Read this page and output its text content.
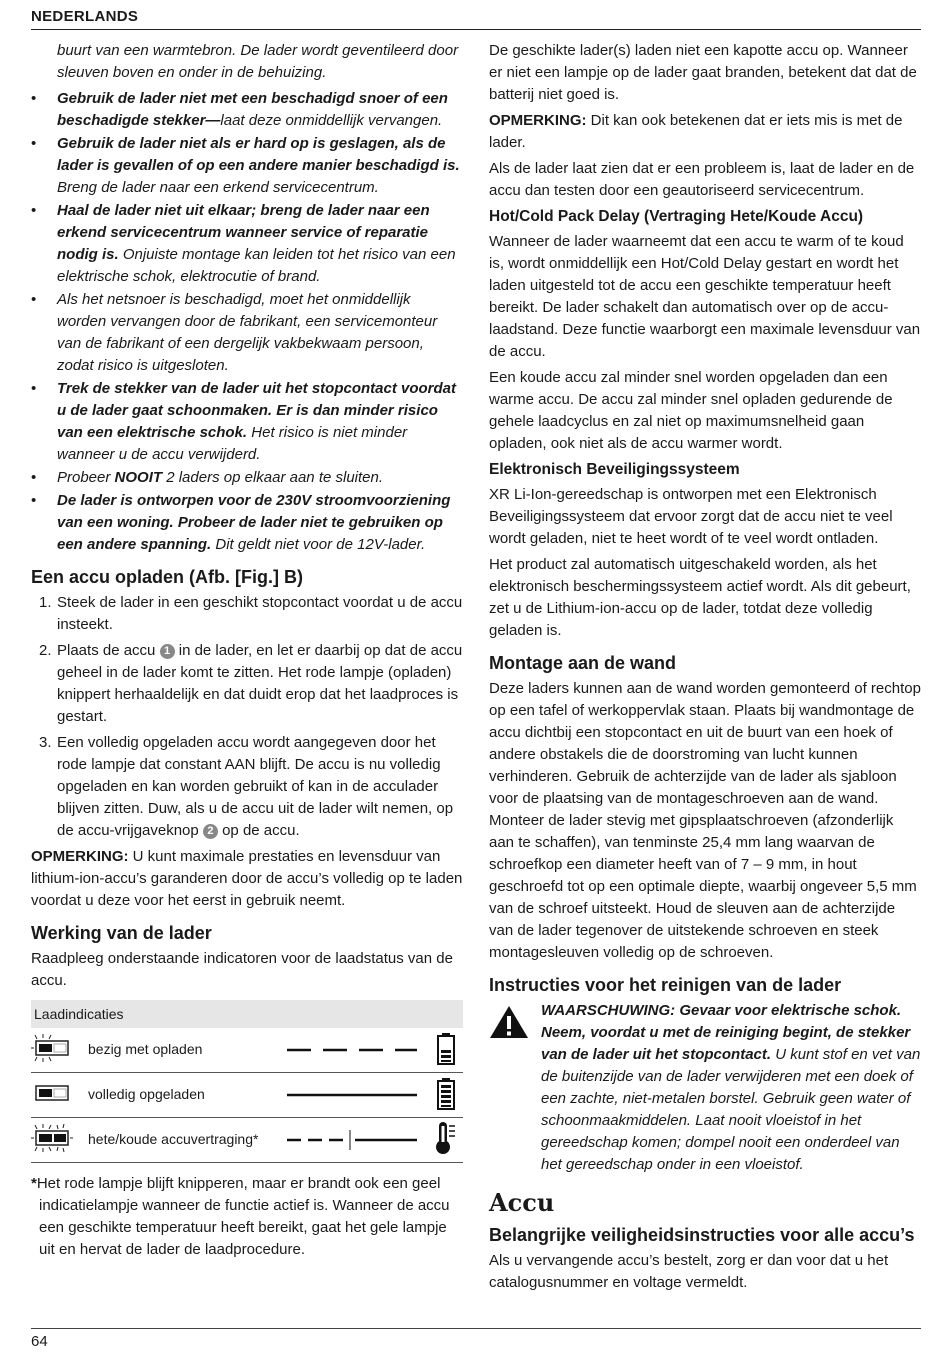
NEDERLANDS

buurt van een warmtebron. De lader wordt geventileerd door sleuven boven en onder in de behuizing.

• Gebruik de lader niet met een beschadigd snoer of een beschadigde stekker—laat deze onmiddellijk vervangen.
• Gebruik de lader niet als er hard op is geslagen, als de lader is gevallen of op een andere manier beschadigd is. Breng de lader naar een erkend servicecentrum.
• Haal de lader niet uit elkaar; breng de lader naar een erkend servicecentrum wanneer service of reparatie nodig is. Onjuiste montage kan leiden tot het risico van een elektrische schok, elektrocutie of brand.
• Als het netsnoer is beschadigd, moet het onmiddellijk worden vervangen door de fabrikant, een servicemonteur van de fabrikant of een dergelijk vakbekwaam persoon, zodat risico is uitgesloten.
• Trek de stekker van de lader uit het stopcontact voordat u de lader gaat schoonmaken. Er is dan minder risico van een elektrische schok. Het risico is niet minder wanneer u de accu verwijderd.
• Probeer NOOIT 2 laders op elkaar aan te sluiten.
• De lader is ontworpen voor de 230V stroomvoorziening van een woning. Probeer de lader niet te gebruiken op een andere spanning. Dit geldt niet voor de 12V-lader.
Een accu opladen (Afb. [Fig.] B)
1. Steek de lader in een geschikt stopcontact voordat u de accu insteekt.
2. Plaats de accu 1 in de lader, en let er daarbij op dat de accu geheel in de lader komt te zitten. Het rode lampje (opladen) knippert herhaaldelijk en dat duidt erop dat het laadproces is gestart.
3. Een volledig opgeladen accu wordt aangegeven door het rode lampje dat constant AAN blijft. De accu is nu volledig opgeladen en kan worden gebruikt of kan in de acculader blijven zitten. Duw, als u de accu uit de lader wilt nemen, op de accu-vrijgaveknop 2 op de accu.

OPMERKING: U kunt maximale prestaties en levensduur van lithium-ion-accu’s garanderen door de accu’s volledig op te laden voordat u deze voor het eerst in gebruik neemt.

Werking van de lader

Raadpleeg onderstaande indicatoren voor de laadstatus van de accu.

Laadindicaties
bezig met opladen
volledig opgeladen
hete/koude accuvertraging*

*Het rode lampje blijft knipperen, maar er brandt ook een geel indicatielampje wanneer de functie actief is. Wanneer de accu een geschikte temperatuur heeft bereikt, gaat het gele lampje uit en hervat de lader de laadprocedure.

De geschikte lader(s) laden niet een kapotte accu op. Wanneer er niet een lampje op de lader gaat branden, betekent dat dat de batterij niet goed is.

OPMERKING: Dit kan ook betekenen dat er iets mis is met de lader.

Als de lader laat zien dat er een probleem is, laat de lader en de accu dan testen door een geautoriseerd servicecentrum.

Hot/Cold Pack Delay (Vertraging Hete/Koude Accu)

Wanneer de lader waarneemt dat een accu te warm of te koud is, wordt onmiddellijk een Hot/Cold Delay gestart en wordt het laden uitgesteld tot de accu een geschikte temperatuur heeft bereikt. De lader schakelt dan automatisch over op de accu-laadstand. Deze functie waarborgt een maximale levensduur van de accu.

Een koude accu zal minder snel worden opgeladen dan een warme accu. De accu zal minder snel opladen gedurende de gehele laadcyclus en zal niet op maximumsnelheid gaan opladen, ook niet als de accu warmer wordt.

Elektronisch Beveiligingssysteem

XR Li-Ion-gereedschap is ontworpen met een Elektronisch Beveiligingssysteem dat ervoor zorgt dat de accu niet te veel wordt geladen, niet te heet wordt of te veel wordt ontladen.

Het product zal automatisch uitgeschakeld worden, als het elektronisch beschermingssysteem actief wordt. Als dit gebeurt, zet u de Lithium-ion-accu op de lader, totdat deze volledig geladen is.

Montage aan de wand

Deze laders kunnen aan de wand worden gemonteerd of rechtop op een tafel of werkoppervlak staan. Plaats bij wandmontage de accu dichtbij een stopcontact en uit de buurt van een hoek of andere obstakels die de doorstroming van lucht kunnen verhinderen. Gebruik de achterzijde van de lader als sjabloon voor de plaatsing van de montageschroeven aan de wand. Monteer de lader stevig met gipsplaatschroeven (afzonderlijk aan te schaffen), van tenminste 25,4 mm lang waarvan de schroefkop een diameter heeft van of 7 – 9 mm, in hout geschroefd tot op een optimale diepte, waarbij ongeveer 5,5 mm van de schroef uitsteekt. Houd de sleuven aan de achterzijde van de lader tegenover de uitstekende schroeven en steek montagesleuven volledig op de schroeven.

Instructies voor het reinigen van de lader
WAARSCHUWING: Gevaar voor elektrische schok. Neem, voordat u met de reiniging begint, de stekker van de lader uit het stopcontact. U kunt stof en vet van de buitenzijde van de lader verwijderen met een doek of een zachte, niet-metalen borstel. Gebruik geen water of schoonmaakmiddelen. Laat nooit vloeistof in het gereedschap komen; dompel nooit een onderdeel van het gereedschap onder in een vloeistof.
Accu
Belangrijke veiligheidsinstructies voor alle accu’s

Als u vervangende accu’s bestelt, zorg er dan voor dat u het catalogusnummer en voltage vermeldt.

64
